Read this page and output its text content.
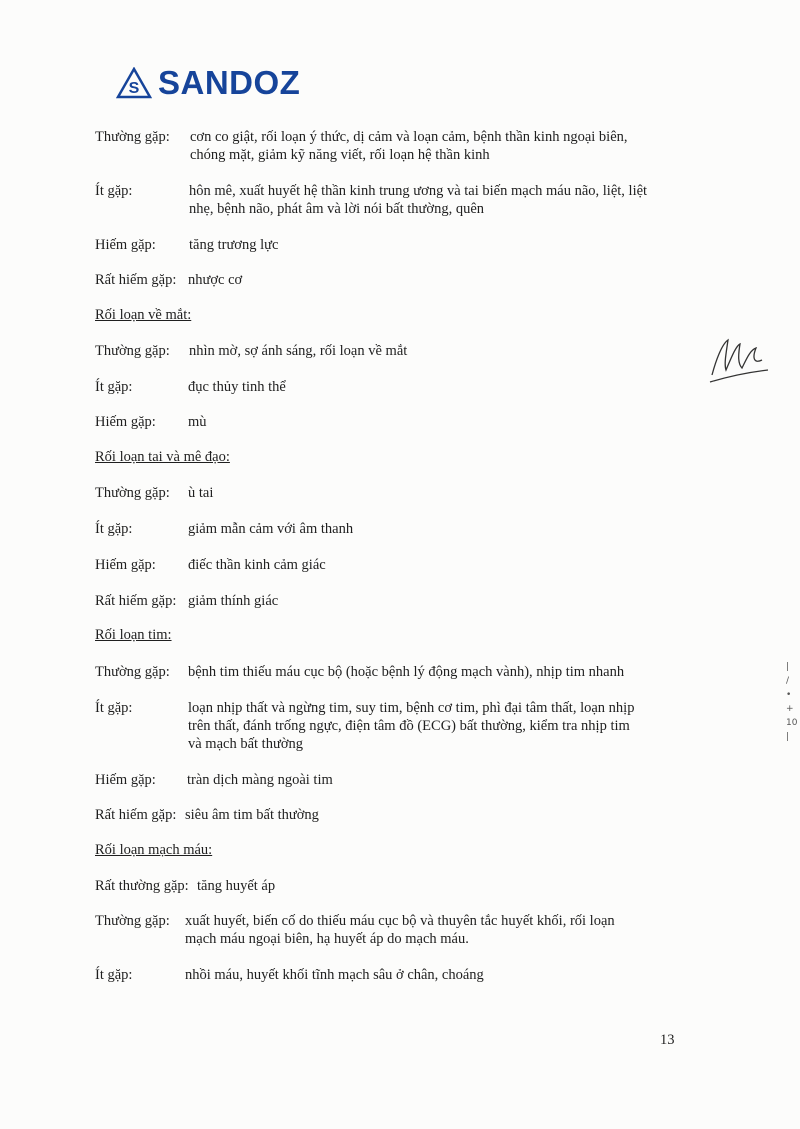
S SANDOZ
Thường gặp: cơn co giật, rối loạn ý thức, dị cảm và loạn cảm, bệnh thần kinh ngoại biên,
chóng mặt, giảm kỹ năng viết, rối loạn hệ thần kinh
Ít gặp:	hôn mê, xuất huyết hệ thần kinh trung ương và tai biến mạch máu não, liệt, liệt
nhẹ, bệnh não, phát âm và lời nói bất thường, quên
Hiếm gặp: tăng trương lực
Rất hiếm gặp: nhược cơ
Rối loạn về mắt:
Thường gặp: nhìn mờ, sợ ánh sáng, rối loạn về mắt
Ít gặp:	đục thủy tinh thể
Hiếm gặp: mù
Rối loạn tai và mê đạo:
Thường gặp: ù tai
Ít gặp:	giảm mẫn cảm với âm thanh
Hiếm gặp: điếc thần kinh cảm giác
Rất hiếm gặp: giảm thính giác
Rối loạn tim:
Thường gặp: bệnh tim thiếu máu cục bộ (hoặc bệnh lý động mạch vành), nhịp tim nhanh
Ít gặp:	loạn nhịp thất và ngừng tim, suy tim, bệnh cơ tim, phì đại tâm thất, loạn nhịp
trên thất, đánh trống ngực, điện tâm đồ (ECG) bất thường, kiểm tra nhịp tim
và mạch bất thường
Hiếm gặp: tràn dịch màng ngoài tim
Rất hiếm gặp: siêu âm tim bất thường
Rối loạn mạch máu:
Rất thường gặp: tăng huyết áp
Thường gặp: xuất huyết, biến cố do thiếu máu cục bộ và thuyên tắc huyết khối, rối loạn
mạch máu ngoại biên, hạ huyết áp do mạch máu.
Ít gặp:	nhồi máu, huyết khối tĩnh mạch sâu ở chân, choáng
13
|
/
•
+
10
|
